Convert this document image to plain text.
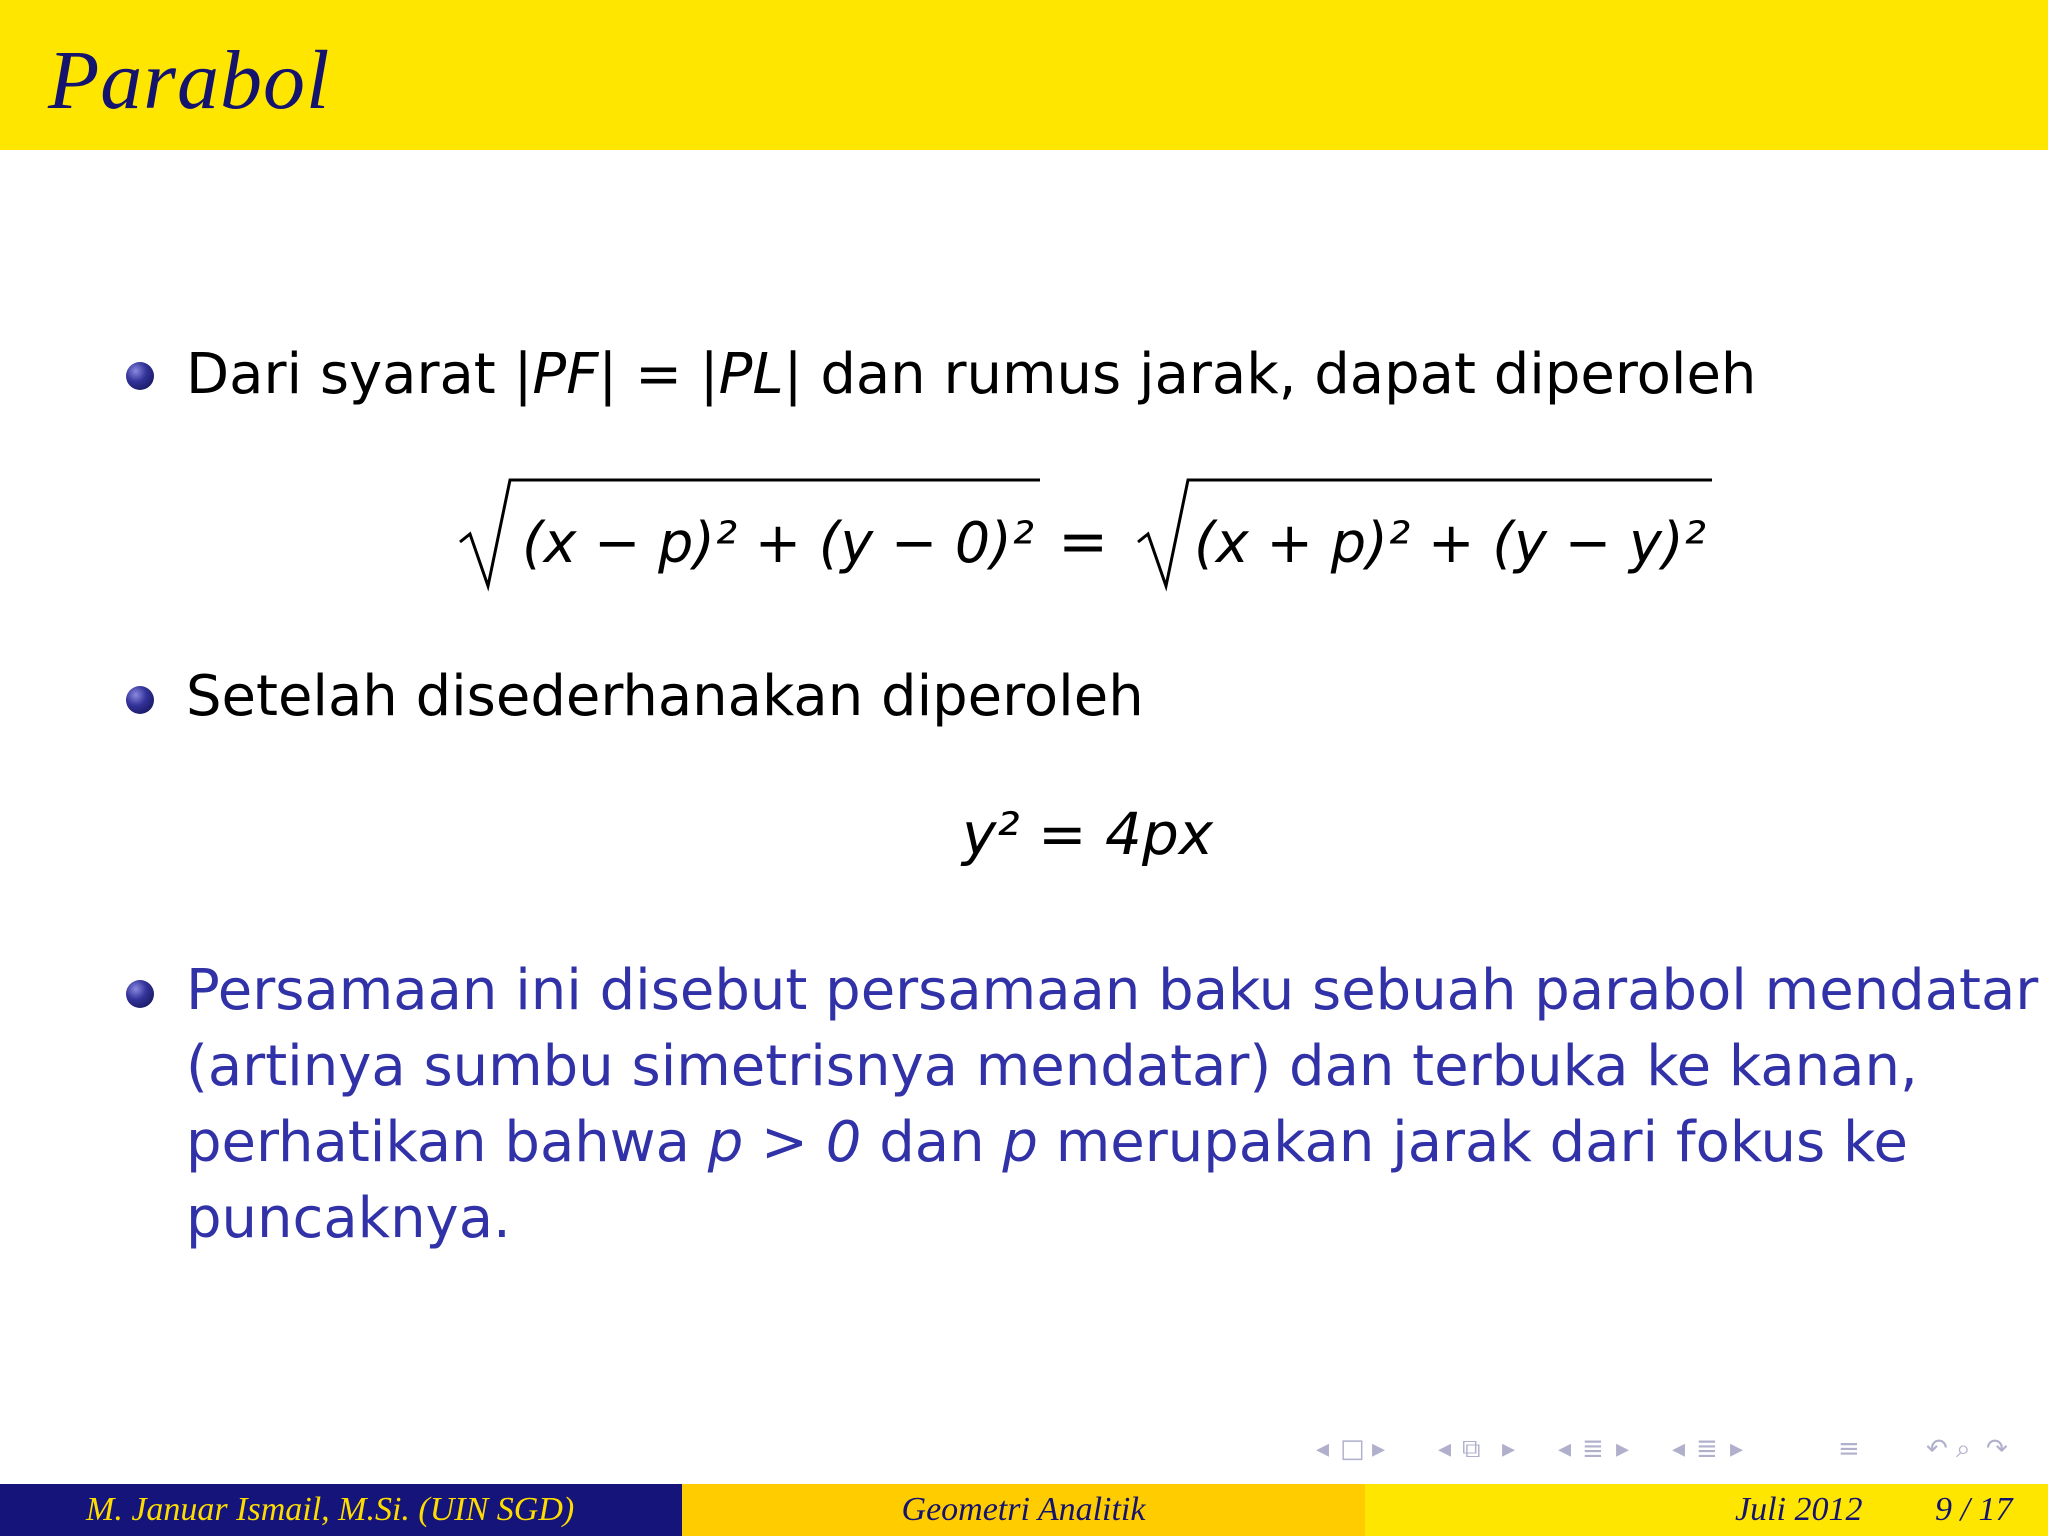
Parabol
Dari syarat |PF| = |PL| dan rumus jarak, dapat diperoleh
(x − p)² + (y − 0)² = (x + p)² + (y − y)²
Setelah disederhanakan diperoleh
y² = 4px
Persamaan ini disebut persamaan baku sebuah parabol mendatar
(artinya sumbu simetrisnya mendatar) dan terbuka ke kanan,
perhatikan bahwa p > 0 dan p merupakan jarak dari fokus ke
puncaknya.
◂ □ ▸ ◂ ⧉ ▸ ◂ ≣ ▸ ◂ ≣ ▸	≡	↶ ⌕ ↷
M. Januar Ismail, M.Si. (UIN SGD)	Geometri Analitik	Juli 2012 9 / 17
